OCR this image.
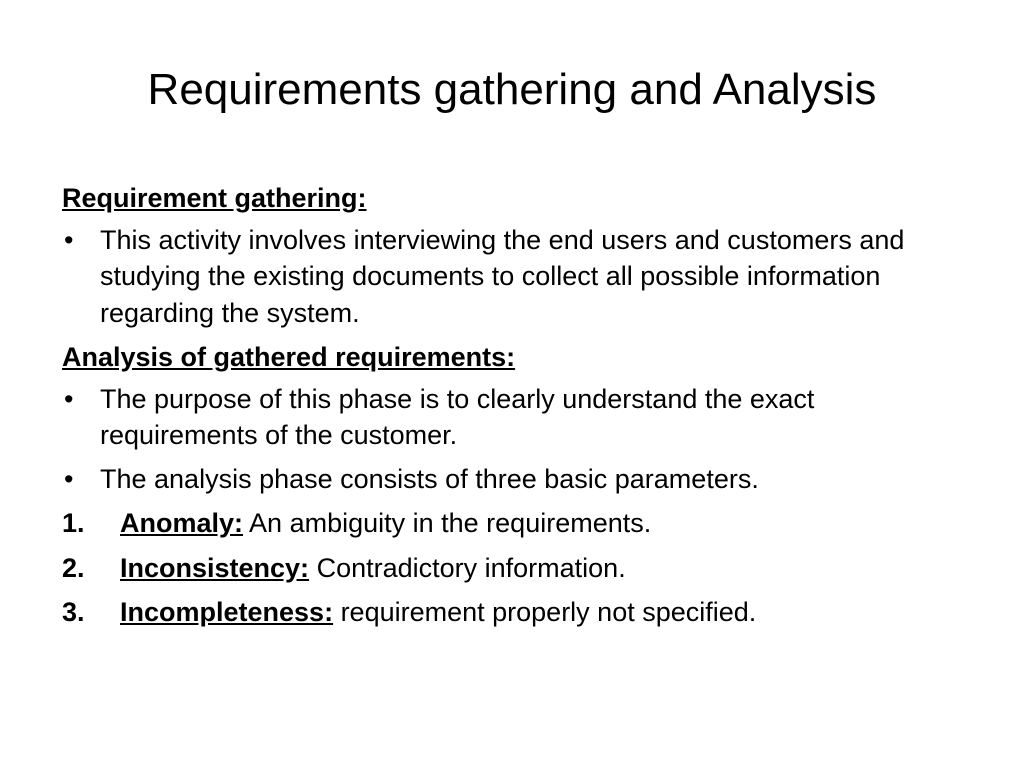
Requirements gathering and Analysis
Requirement gathering:
• This activity involves interviewing the end users and customers and studying the existing documents to collect all possible information regarding the system.
Analysis of gathered requirements:
• The purpose of this phase is to clearly understand the exact requirements of the customer.
• The analysis phase consists of three basic parameters.
1. Anomaly: An ambiguity in the requirements.
2. Inconsistency: Contradictory information.
3. Incompleteness: requirement properly not specified.
